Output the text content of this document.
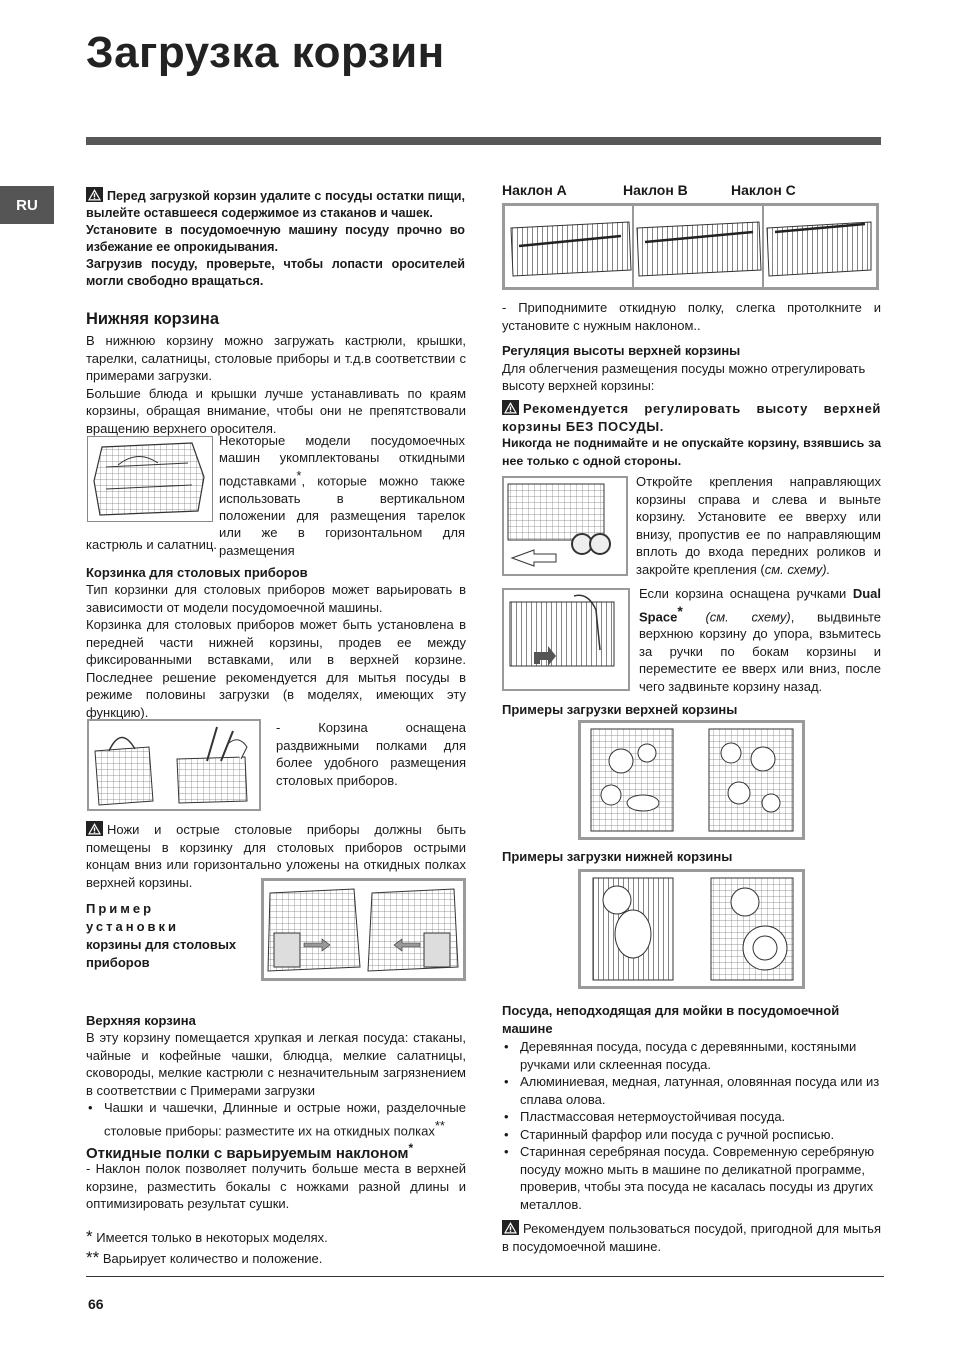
Загрузка корзин
RU

Перед загрузкой корзин удалите с посуды остатки пищи, вылейте оставшееся содержимое из стаканов и чашек.

Установите в посудомоечную машину посуду прочно во избежание ее опрокидывания.

Загрузив посуду, проверьте, чтобы лопасти оросителей могли свободно вращаться.

Нижняя корзина

В нижнюю корзину можно загружать кастрюли, крышки, тарелки, салатницы, столовые приборы и т.д.в соответствии с примерами загрузки.

Большие блюда и крышки лучше устанавливать по краям корзины, обращая внимание, чтобы они не препятствовали вращению верхнего оросителя.

Некоторые модели посудомоечных машин укомплектованы откидными подставками*, которые можно также использовать в вертикальном положении для размещения тарелок или же в горизонтальном для размещения

кастрюль и салатниц.

Корзинка для столовых приборов

Тип корзинки для столовых приборов может варьировать в зависимости от модели посудомоечной машины.

Корзинка для столовых приборов может быть установлена в передней части нижней корзины, продев ее между фиксированными вставками, или в верхней корзине. Последнее решение рекомендуется для мытья посуды в режиме половины загрузки (в моделях, имеющих эту функцию).

- Корзина оснащена раздвижными полками для более удобного размещения столовых приборов.

Ножи и острые столовые приборы должны быть помещены в корзинку для столовых приборов острыми концам вниз или горизонтально уложены на откидных полках верхней корзины.

Пример установки

корзины для столовых

приборов

Верхняя корзина

В эту корзину помещается хрупкая и легкая посуда: стаканы, чайные и кофейные чашки, блюдца, мелкие салатницы, сковороды, мелкие кастрюли с незначительным загрязнением в соответствии с Примерами загрузки

• Чашки и чашечки, Длинные и острые ножи, разделочные столовые приборы: разместите их на откидных полках**

Откидные полки с варьируемым наклоном*

- Наклон полок позволяет получить больше места в верхней корзине, разместить бокалы с ножками разной длины и оптимизировать результат сушки.

* Имеется только в некоторых моделях.

** Варьирует количество и положение.

Наклон А	Наклон В	Наклон С

- Приподнимите откидную полку, слегка протолкните и установите с нужным наклоном..

Регуляция высоты верхней корзины

Для облегчения размещения посуды можно отрегулировать высоту верхней корзины:

Рекомендуется регулировать высоту верхней корзины БЕЗ ПОСУДЫ.

Никогда не поднимайте и не опускайте корзину, взявшись за нее только с одной стороны.

Откройте крепления направляющих корзины справа и слева и выньте корзину. Установите ее вверху или внизу, пропустив ее по направляющим вплоть до входа передних роликов и закройте крепления (см. схему).
Если корзина оснащена ручками Dual Space* (см. схему), выдвиньте верхнюю корзину до упора, взьмитесь за ручки по бокам корзины и переместите ее вверх или вниз, после чего задвиньте корзину назад.

Примеры загрузки верхней корзины

Примеры загрузки нижней корзины

Посуда, неподходящая для мойки в посудомоечной машине

• Деревянная посуда, посуда с деревянными, костяными ручками или склеенная посуда.
• Алюминиевая, медная, латунная, оловянная посуда или из сплава олова.
• Пластмассовая нетермоустойчивая посуда.
• Старинный фарфор или посуда с ручной росписью.
• Старинная серебряная посуда. Современную серебряную посуду можно мыть в машине по деликатной программе, проверив, чтобы эта посуда не касалась посуды из других металлов.

Рекомендуем пользоваться посудой, пригодной для мытья в посудомоечной машине.

66
